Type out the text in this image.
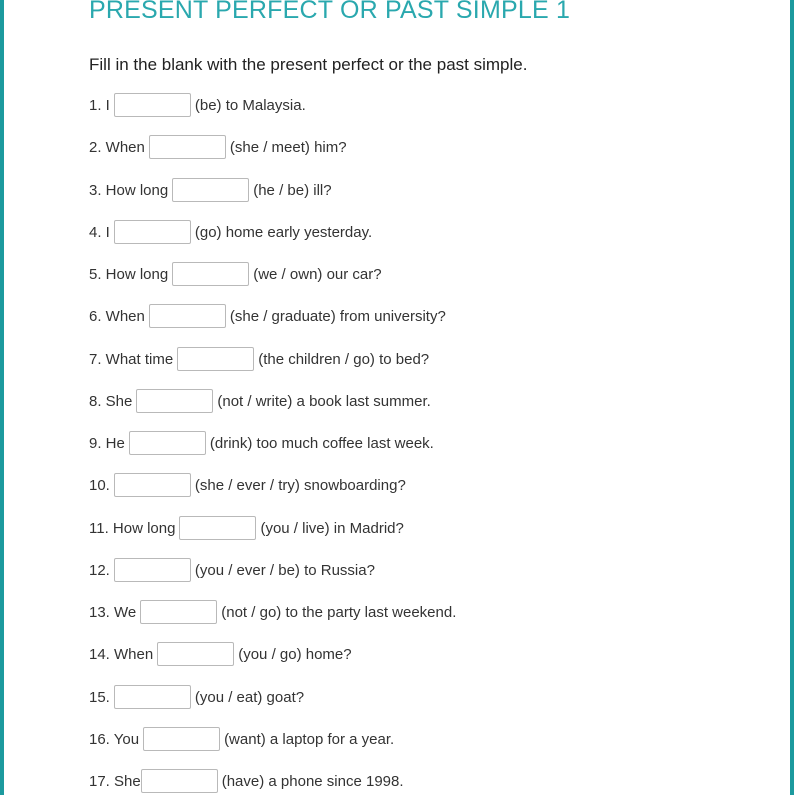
PRESENT PERFECT OR PAST SIMPLE 1

Fill in the blank with the present perfect or the past simple.

1. I	(be) to Malaysia.
2. When	(she / meet) him?
3. How long	(he / be) ill?
4. I	(go) home early yesterday.
5. How long	(we / own) our car?
6. When	(she / graduate) from university?
7. What time	(the children / go) to bed?
8. She	(not / write) a book last summer.
9. He	(drink) too much coffee last week.
10.	(she / ever / try) snowboarding?
11. How long	(you / live) in Madrid?
12.	(you / ever / be) to Russia?
13. We	(not / go) to the party last weekend.
14. When	(you / go) home?
15.	(you / eat) goat?
16. You	(want) a laptop for a year.
17. She	(have) a phone since 1998.
